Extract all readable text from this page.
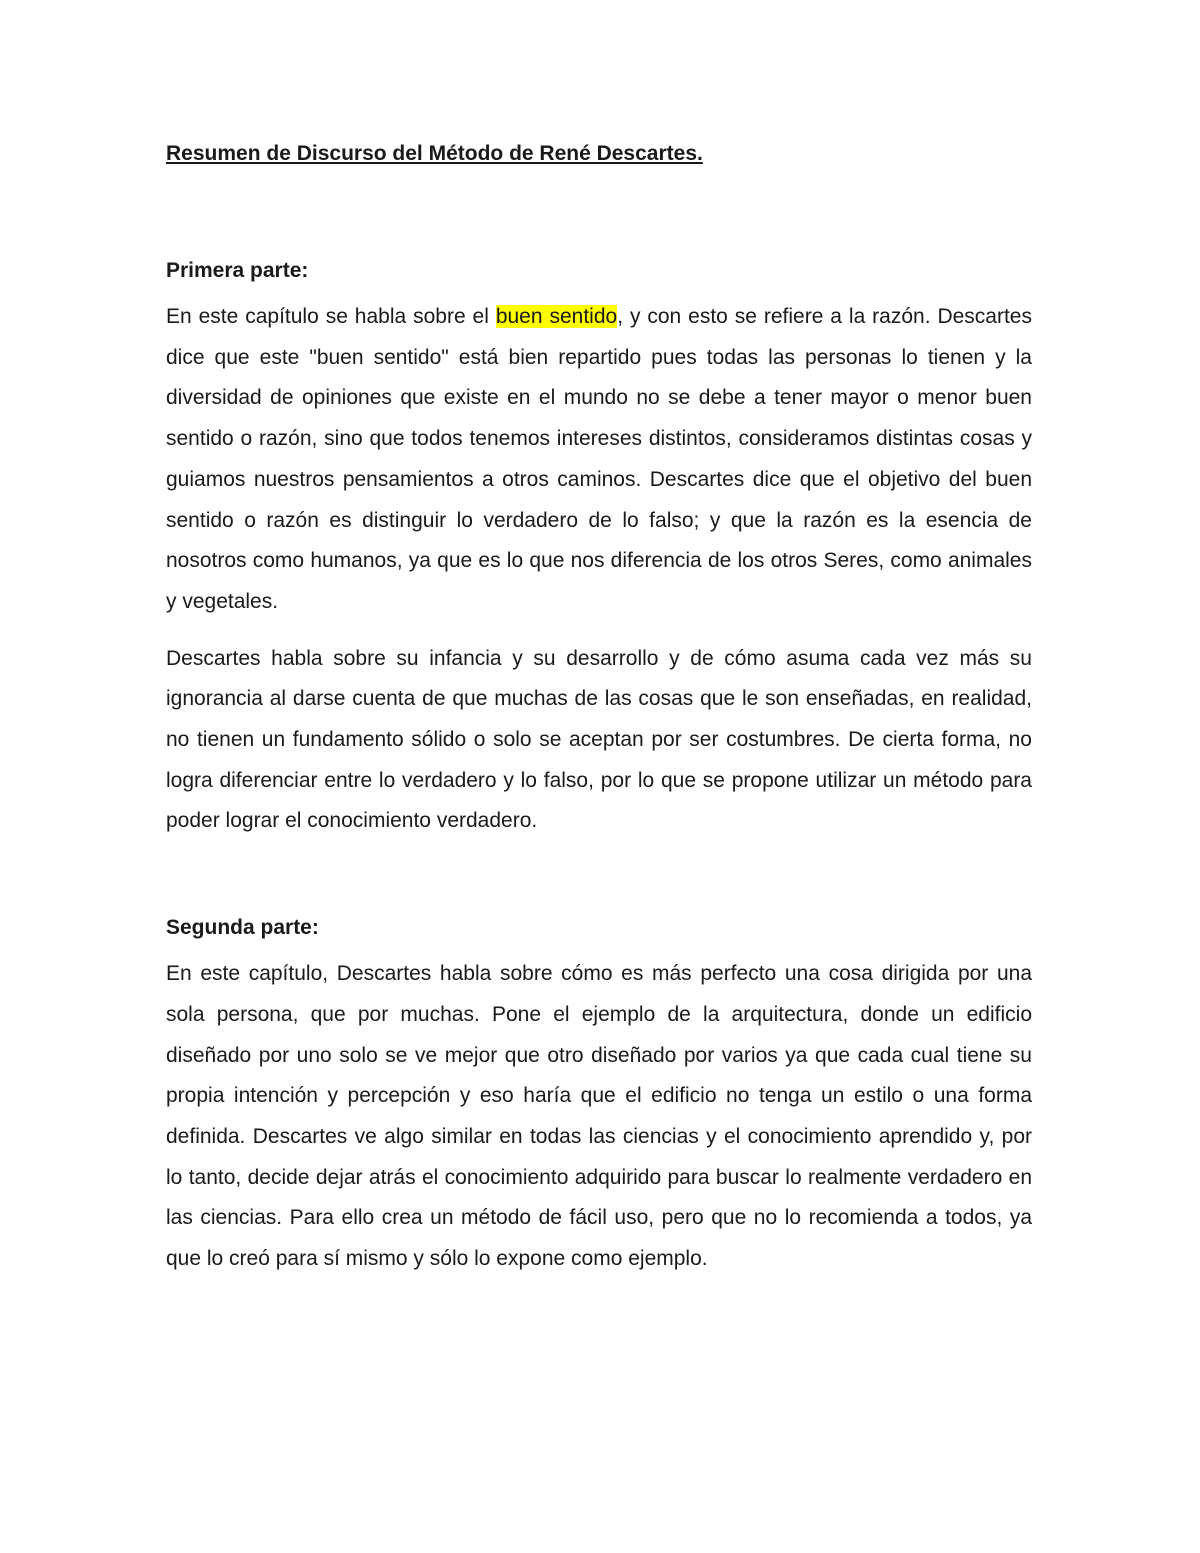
Resumen de Discurso del Método de René Descartes.

Primera parte:

En este capítulo se habla sobre el buen sentido, y con esto se refiere a la razón. Descartes dice que este "buen sentido" está bien repartido pues todas las personas lo tienen y la diversidad de opiniones que existe en el mundo no se debe a tener mayor o menor buen sentido o razón, sino que todos tenemos intereses distintos, consideramos distintas cosas y guiamos nuestros pensamientos a otros caminos. Descartes dice que el objetivo del buen sentido o razón es distinguir lo verdadero de lo falso; y que la razón es la esencia de nosotros como humanos, ya que es lo que nos diferencia de los otros Seres, como animales y vegetales.

Descartes habla sobre su infancia y su desarrollo y de cómo asuma cada vez más su ignorancia al darse cuenta de que muchas de las cosas que le son enseñadas, en realidad, no tienen un fundamento sólido o solo se aceptan por ser costumbres. De cierta forma, no logra diferenciar entre lo verdadero y lo falso, por lo que se propone utilizar un método para poder lograr el conocimiento verdadero.

Segunda parte:

En este capítulo, Descartes habla sobre cómo es más perfecto una cosa dirigida por una sola persona, que por muchas. Pone el ejemplo de la arquitectura, donde un edificio diseñado por uno solo se ve mejor que otro diseñado por varios ya que cada cual tiene su propia intención y percepción y eso haría que el edificio no tenga un estilo o una forma definida. Descartes ve algo similar en todas las ciencias y el conocimiento aprendido y, por lo tanto, decide dejar atrás el conocimiento adquirido para buscar lo realmente verdadero en las ciencias. Para ello crea un método de fácil uso, pero que no lo recomienda a todos, ya que lo creó para sí mismo y sólo lo expone como ejemplo.
